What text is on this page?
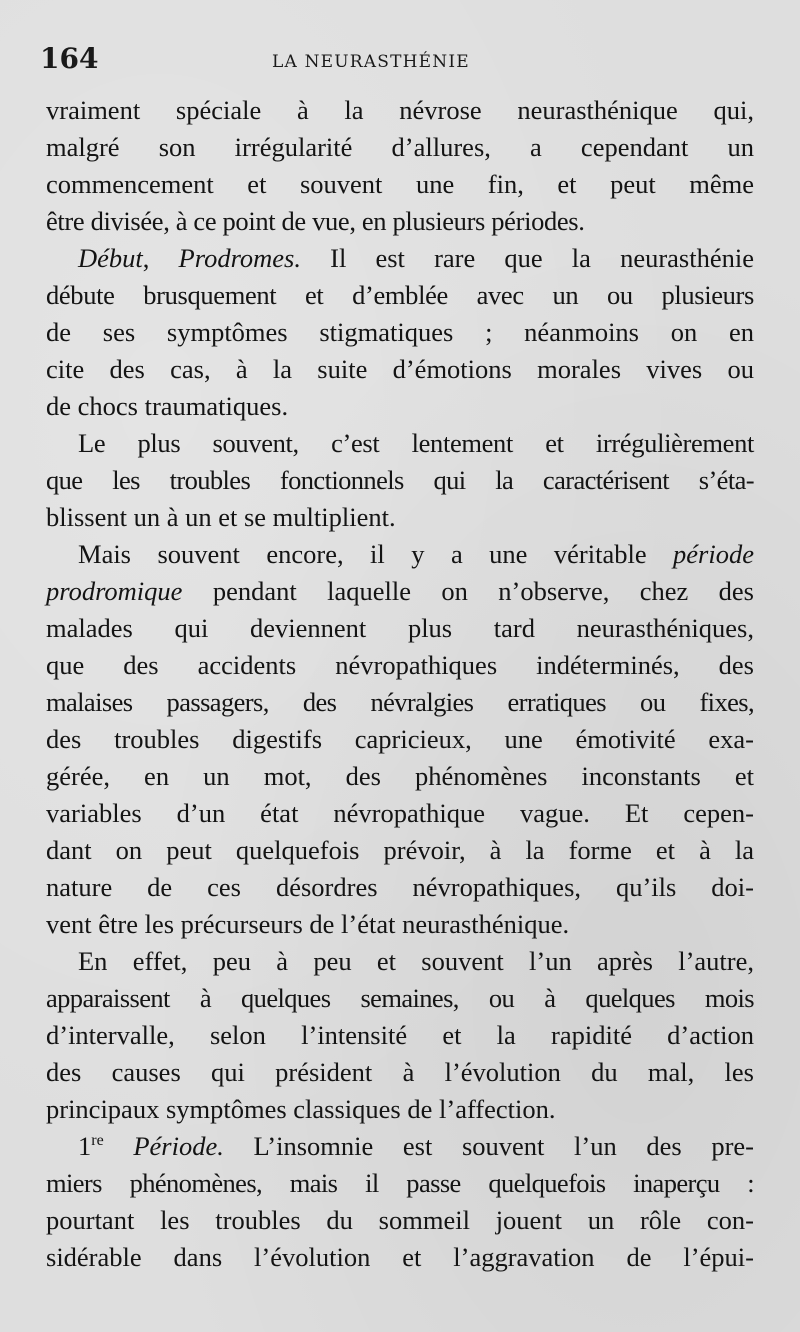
164	LA NEURASTHÉNIE
vraiment spéciale à la névrose neurasthénique qui,
malgré son irrégularité d’allures, a cependant un
commencement et souvent une fin, et peut même
être divisée, à ce point de vue, en plusieurs périodes.
Début, Prodromes. Il est rare que la neurasthénie
débute brusquement et d’emblée avec un ou plusieurs
de ses symptômes stigmatiques ; néanmoins on en
cite des cas, à la suite d’émotions morales vives ou
de chocs traumatiques.
Le plus souvent, c’est lentement et irrégulièrement
que les troubles fonctionnels qui la caractérisent s’éta-
blissent un à un et se multiplient.
Mais souvent encore, il y a une véritable période
prodromique pendant laquelle on n’observe, chez des
malades qui deviennent plus tard neurasthéniques,
que des accidents névropathiques indéterminés, des
malaises passagers, des névralgies erratiques ou fixes,
des troubles digestifs capricieux, une émotivité exa-
gérée, en un mot, des phénomènes inconstants et
variables d’un état névropathique vague. Et cepen-
dant on peut quelquefois prévoir, à la forme et à la
nature de ces désordres névropathiques, qu’ils doi-
vent être les précurseurs de l’état neurasthénique.
En effet, peu à peu et souvent l’un après l’autre,
apparaissent à quelques semaines, ou à quelques mois
d’intervalle, selon l’intensité et la rapidité d’action
des causes qui président à l’évolution du mal, les
principaux symptômes classiques de l’affection.
1re Période. L’insomnie est souvent l’un des pre-
miers phénomènes, mais il passe quelquefois inaperçu :
pourtant les troubles du sommeil jouent un rôle con-
sidérable dans l’évolution et l’aggravation de l’épui-
